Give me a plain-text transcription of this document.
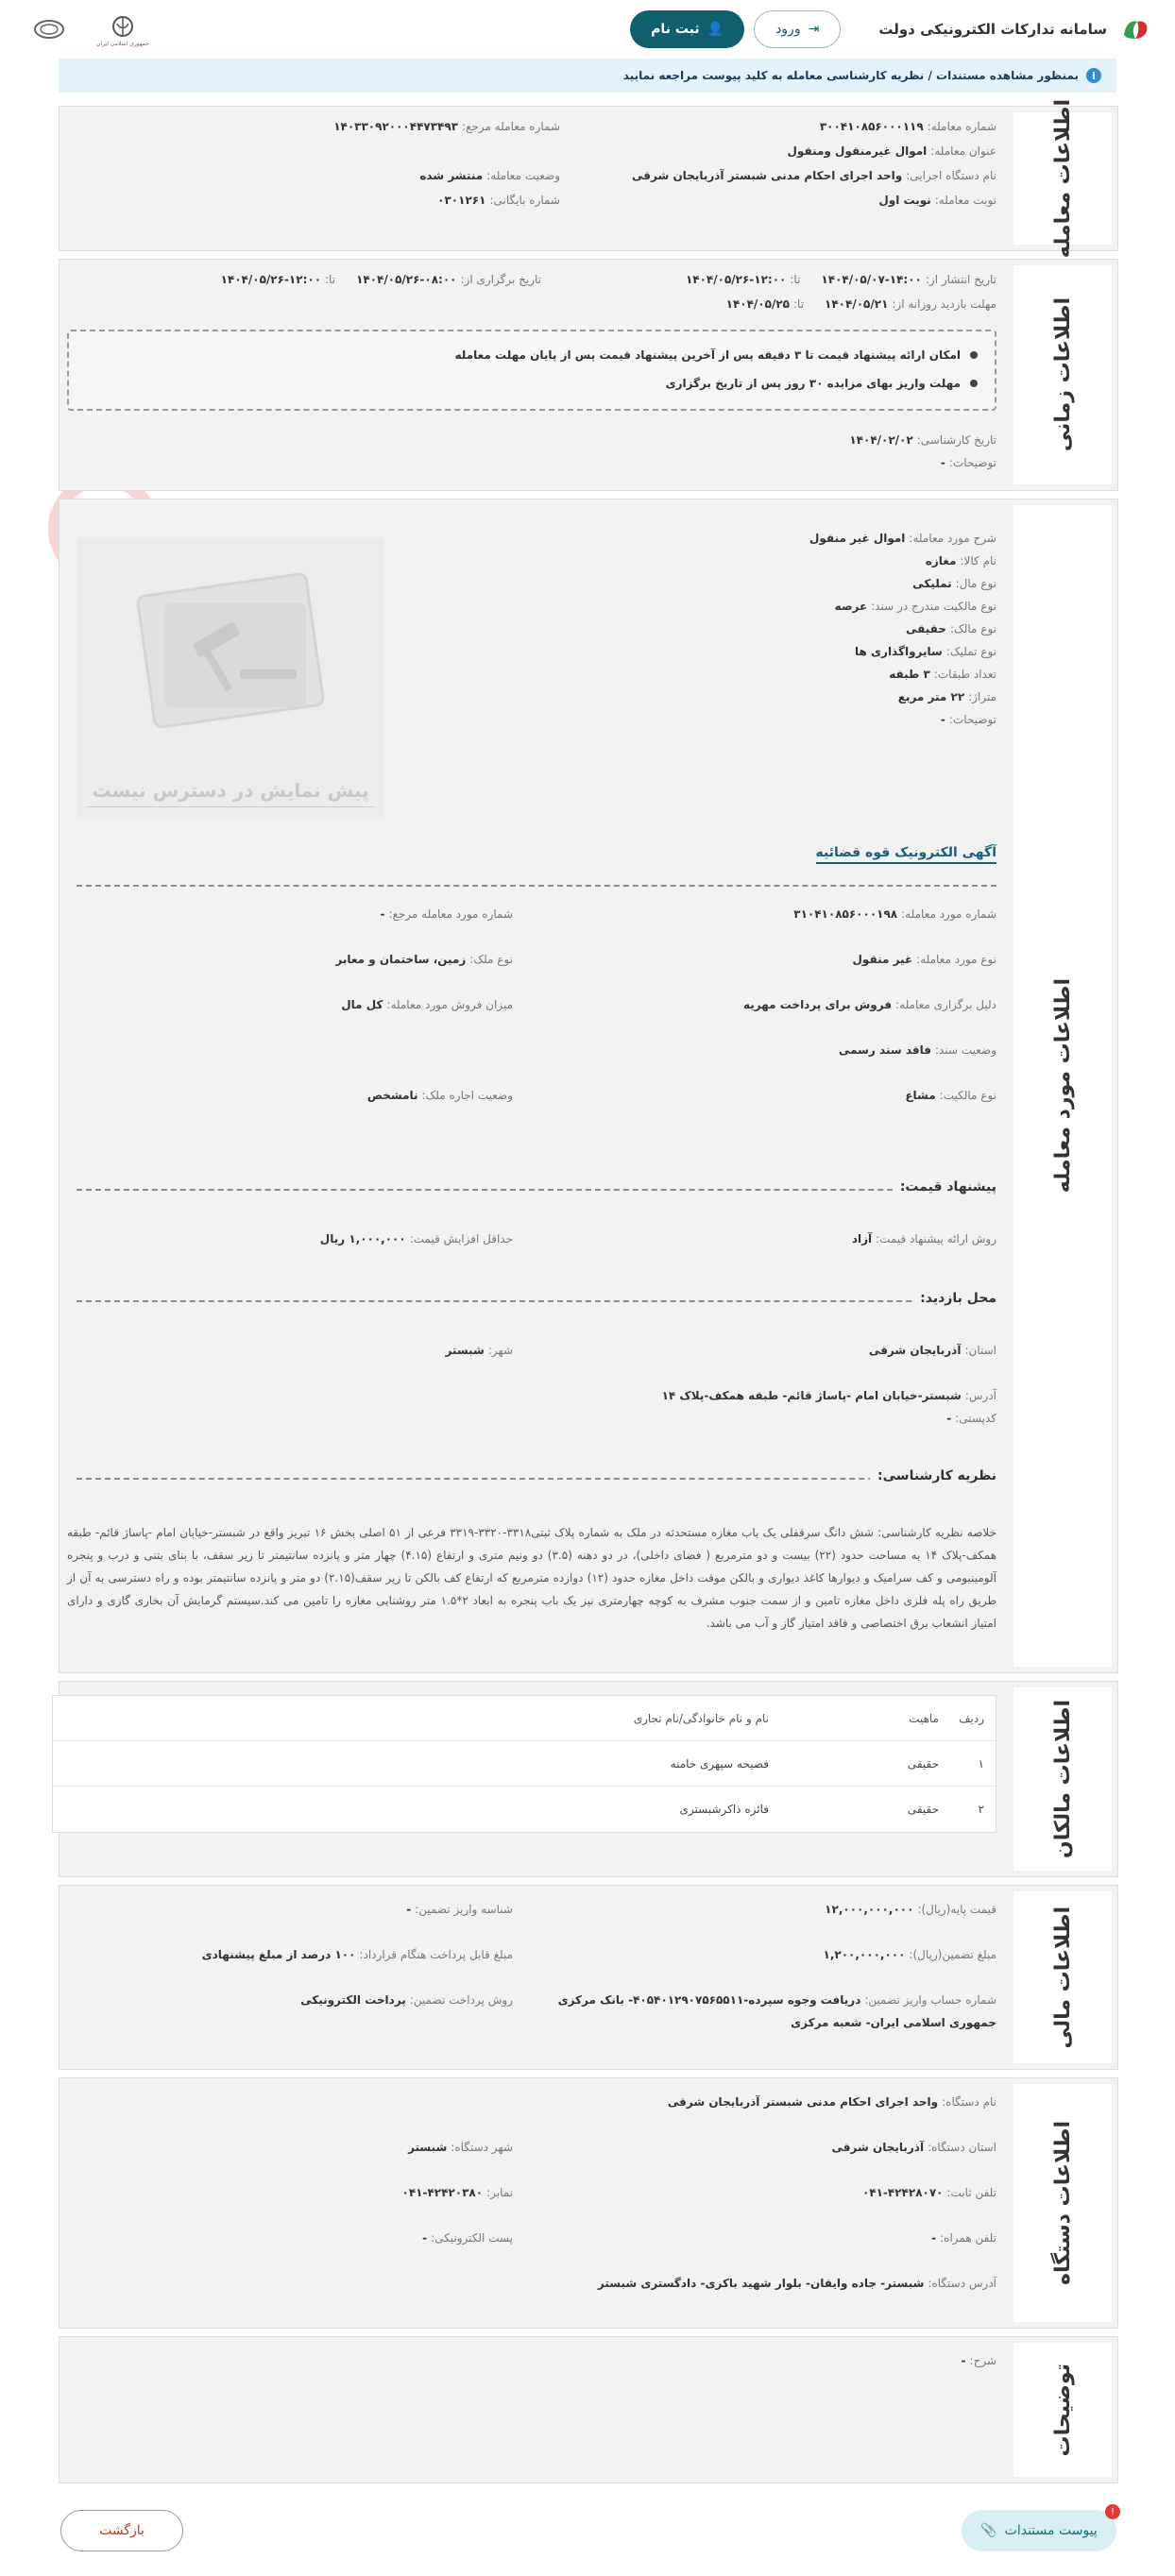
سامانه تدارکات الکترونیکی دولت
⇥
ورود
👤
ثبت نام
جمهوری اسلامی ایران
i
بمنظور مشاهده مستندات / نظریه کارشناسی معامله به کلید پیوست مراجعه نمایید
اطلاعات معامله
شماره معامله:
۳۰۰۴۱۰۸۵۶۰۰۰۱۱۹
شماره معامله مرجع:
۱۴۰۳۳۰۹۲۰۰۰۴۴۷۳۴۹۳
عنوان معامله:
اموال غیرمنقول ومنقول
نام دستگاه اجرایی:
واحد اجرای احکام مدنی شبستر آذربایجان شرقی
وضعیت معامله:
منتشر شده
نوبت معامله:
نوبت اول
شماره بایگانی:
۰۳۰۱۲۶۱
اطلاعات زمانی
تاریخ انتشار از:
۱۴۰۴/۰۵/۰۷-۱۴:۰۰
تا:
۱۴۰۴/۰۵/۲۶-۱۲:۰۰
تاریخ برگزاری از:
۱۴۰۴/۰۵/۲۶-۰۸:۰۰
تا:
۱۴۰۴/۰۵/۲۶-۱۲:۰۰
مهلت بازدید روزانه از:
۱۴۰۴/۰۵/۲۱
تا:
۱۴۰۴/۰۵/۲۵
امکان ارائه پیشنهاد قیمت تا ۳ دقیقه پس از آخرین پیشنهاد قیمت پس از پایان مهلت معامله
مهلت واریز بهای مزایده ۳۰ روز پس از تاریخ برگزاری
تاریخ کارشناسی:
۱۴۰۴/۰۲/۰۲
توضیحات:
-
اطلاعات مورد معامله
شرح مورد معامله:
اموال غیر منقول
نام کالا:
مغازه
نوع مال:
تملیکی
نوع مالکیت مندرج در سند:
عرصه
نوع مالک:
حقیقی
نوع تملیک:
سایرواگذاری ها
تعداد طبقات:
۳ طبقه
متراژ:
۲۲ متر مربع
توضیحات:
-
پیش نمایش در دسترس نیست
آگهی الکترونیک قوه قضائیه
شماره مورد معامله:
۳۱۰۴۱۰۸۵۶۰۰۰۱۹۸
شماره مورد معامله مرجع:
-
نوع مورد معامله:
غیر منقول
نوع ملک:
زمین، ساختمان و معابر
دلیل برگزاری معامله:
فروش برای پرداخت مهریه
میزان فروش مورد معامله:
کل مال
وضعیت سند:
فاقد سند رسمی
نوع مالکیت:
مشاع
وضعیت اجاره ملک:
نامشخص
پیشنهاد قیمت:
روش ارائه پیشنهاد قیمت:
آزاد
حداقل افزایش قیمت:
۱,۰۰۰,۰۰۰ ریال
محل بازدید:
استان:
آذربایجان شرقی
شهر:
شبستر
آدرس:
شبستر-خیابان امام -پاساژ قائم- طبقه همکف-پلاک ۱۴
کدپستی:
-
نظریه کارشناسی:
خلاصه نظریه کارشناسی: شش دانگ سرقفلی یک باب مغازه مستحدثه در ملک به شماره پلاک ثبتی۳۳۱۸-۳۳۲۰-۳۳۱۹ فرعی از ۵۱ اصلی بخش ۱۶ تبریز واقع در شبستر-خیابان امام -پاساژ قائم- طبقه همکف-پلاک ۱۴ به مساحت حدود (۲۲) بیست و دو مترمربع ( فضای داخلی)، در دو دهنه (۳.۵) دو ونیم متری و ارتفاع (۴.۱۵) چهار متر و پانزده سانتیمتر تا زیر سقف، با بنای بتنی و درب و پنجره آلومینیومی و کف سرامیک و دیوارها کاغذ دیواری و بالکن موقت داخل مغازه حدود (۱۲) دوازده مترمربع که ارتفاع کف بالکن تا زیر سقف(۲.۱۵) دو متر و پانزده سانتیمتر بوده و راه دسترسی به آن از طریق راه پله فلزی داخل مغازه تامین و از سمت جنوب مشرف به کوچه چهارمتری نیز یک باب پنجره به ابعاد ۲*۱.۵ متر روشنایی مغازه را تامین می کند.سیستم گرمایش آن بخاری گازی و دارای امتیاز انشعاب برق اختصاصی و فاقد امتیاز گاز و آب می باشد.
اطلاعات مالکان
ردیف
ماهیت
نام و نام خانوادگی/نام تجاری
۱
حقیقی
فصیحه سپهری خامنه
۲
حقیقی
فائزه ذاکرشبستری
اطلاعات مالی
قیمت پایه(ریال):
۱۲,۰۰۰,۰۰۰,۰۰۰
شناسه واریز تضمین:
-
مبلغ تضمین(ریال):
۱,۲۰۰,۰۰۰,۰۰۰
مبلغ قابل پرداخت هنگام قرارداد:
۱۰۰ درصد از مبلغ پیشنهادی
شماره حساب واریز تضمین:
دریافت وجوه سپرده-۴۰۵۴۰۱۲۹۰۷۵۶۵۵۱۱- بانک مرکزی
جمهوری اسلامی ایران- شعبه مرکزی
روش پرداخت تضمین:
پرداخت الکترونیکی
اطلاعات دستگاه
نام دستگاه:
واحد اجرای احکام مدنی شبستر آذربایجان شرقی
استان دستگاه:
آذربایجان شرقی
شهر دستگاه:
شبستر
تلفن ثابت:
۰۴۱-۴۲۴۲۸۰۷۰
نمابر:
۰۴۱-۴۲۴۲۰۳۸۰
تلفن همراه:
-
پست الکترونیکی:
-
آدرس دستگاه:
شبستر- جاده وایقان- بلوار شهید باکری- دادگستری شبستر
توضیحات
شرح:
-
!
پیوست مستندات
📎
بازگشت
